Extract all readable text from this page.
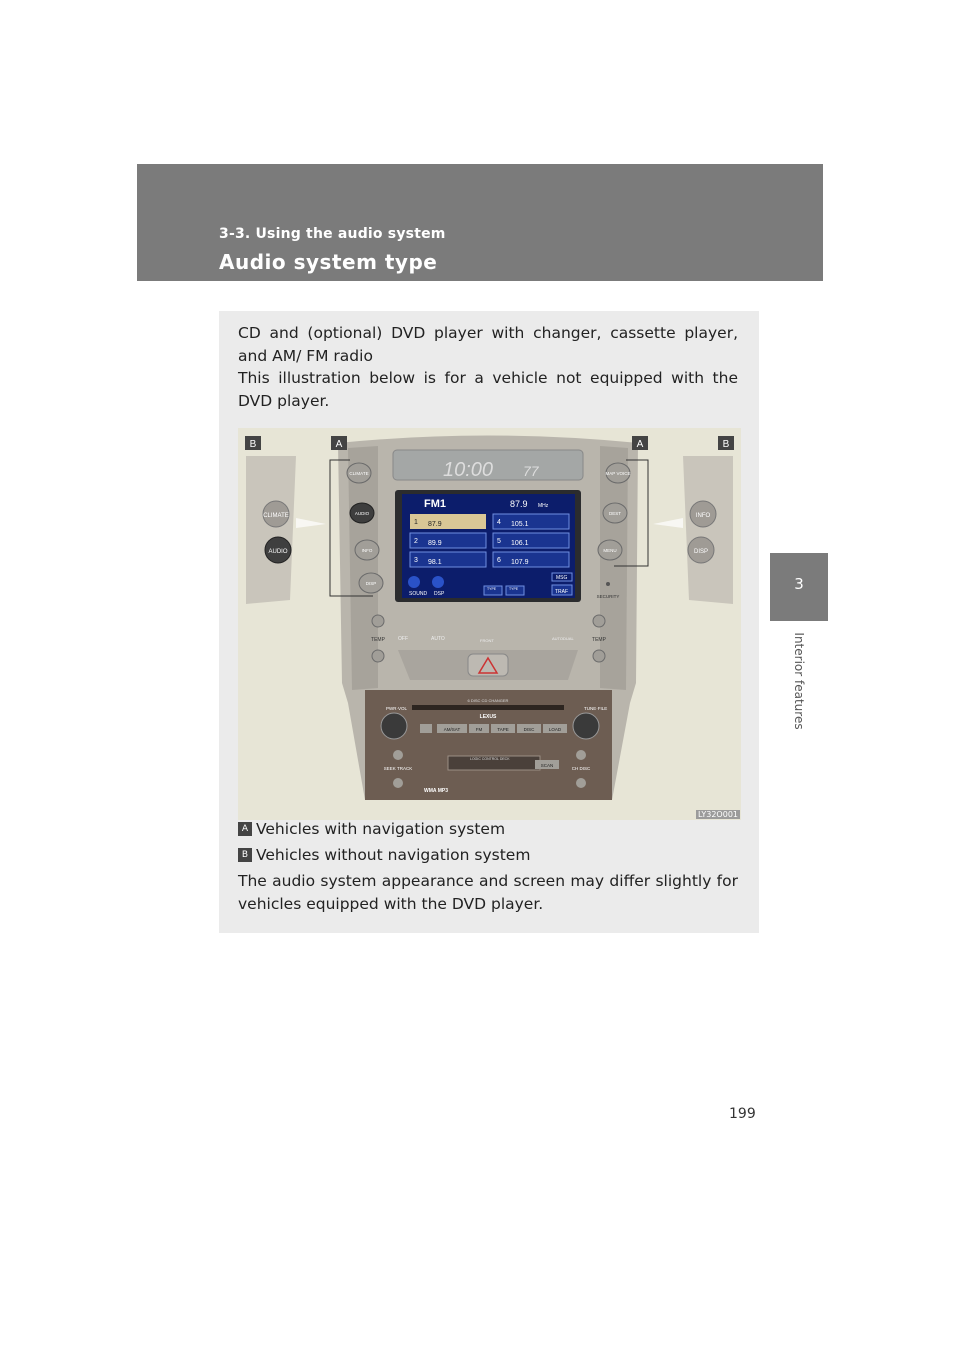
3-3. Using the audio system
Audio system type
3
Interior features
CD and (optional) DVD player with changer, cassette player, and AM/ FM radio
This illustration below is for a vehicle not equipped with the DVD player.
CLIMATE
AUDIO
INFO
DISP
10:00 77
FM1	87.9 MHz
1 87.9
2 89.9
3 98.1
4 105.1
5 106.1
6 107.9
SOUND DSP
TYPE	TYPE
MSG
TRAF
CLIMATE
AUDIO
INFO
DISP
MAP VOICE
DEST
MENU
SECURITY
B	A	A	B
TEMP	TEMP
OFF	AUTO	FRONT	AUTO DUAL
6 DISC CD CHANGER
LEXUS
PWR·VOL	TUNE·FILE
AM/SAT	FM	TAPE	DISC	LOAD
LOGIC CONTROL DECK
SCAN
SEEK TRACK	CH DISC
WMA MP3
LY32O001
A Vehicles with navigation system
B Vehicles without navigation system
The audio system appearance and screen may differ slightly for vehicles equipped with the DVD player.
199
